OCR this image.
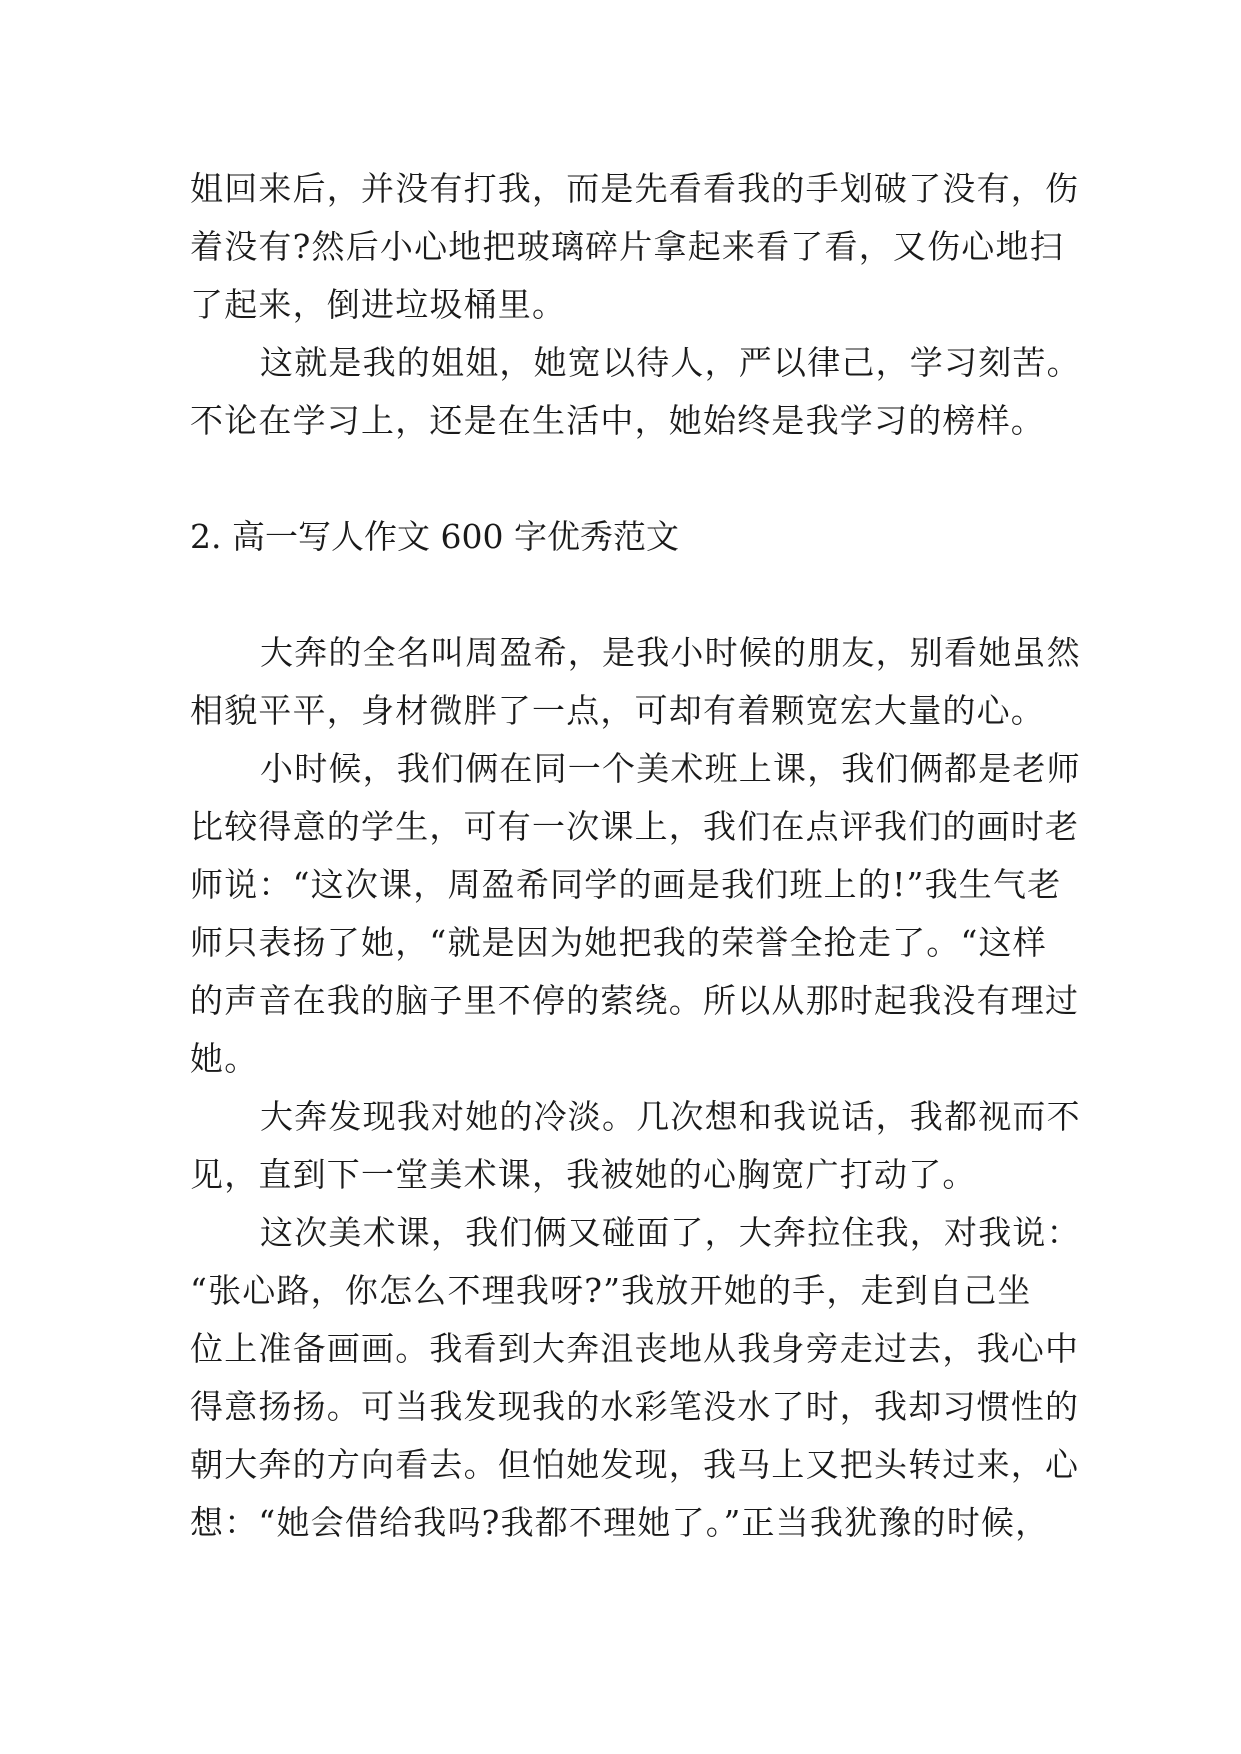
姐回来后，并没有打我，而是先看看我的手划破了没有，伤
着没有?然后小心地把玻璃碎片拿起来看了看，又伤心地扫
了起来，倒进垃圾桶里。
这就是我的姐姐，她宽以待人，严以律己，学习刻苦。
不论在学习上，还是在生活中，她始终是我学习的榜样。
2. 高一写人作文 600 字优秀范文
大奔的全名叫周盈希，是我小时候的朋友，别看她虽然
相貌平平，身材微胖了一点，可却有着颗宽宏大量的心。
小时候，我们俩在同一个美术班上课，我们俩都是老师
比较得意的学生，可有一次课上，我们在点评我们的画时老
师说：“这次课，周盈希同学的画是我们班上的!”我生气老
师只表扬了她，“就是因为她把我的荣誉全抢走了。“这样
的声音在我的脑子里不停的萦绕。所以从那时起我没有理过
她。
大奔发现我对她的冷淡。几次想和我说话，我都视而不
见，直到下一堂美术课，我被她的心胸宽广打动了。
这次美术课，我们俩又碰面了，大奔拉住我，对我说：
“张心路，你怎么不理我呀?”我放开她的手，走到自己坐
位上准备画画。我看到大奔沮丧地从我身旁走过去，我心中
得意扬扬。可当我发现我的水彩笔没水了时，我却习惯性的
朝大奔的方向看去。但怕她发现，我马上又把头转过来，心
想：“她会借给我吗?我都不理她了。”正当我犹豫的时候，
